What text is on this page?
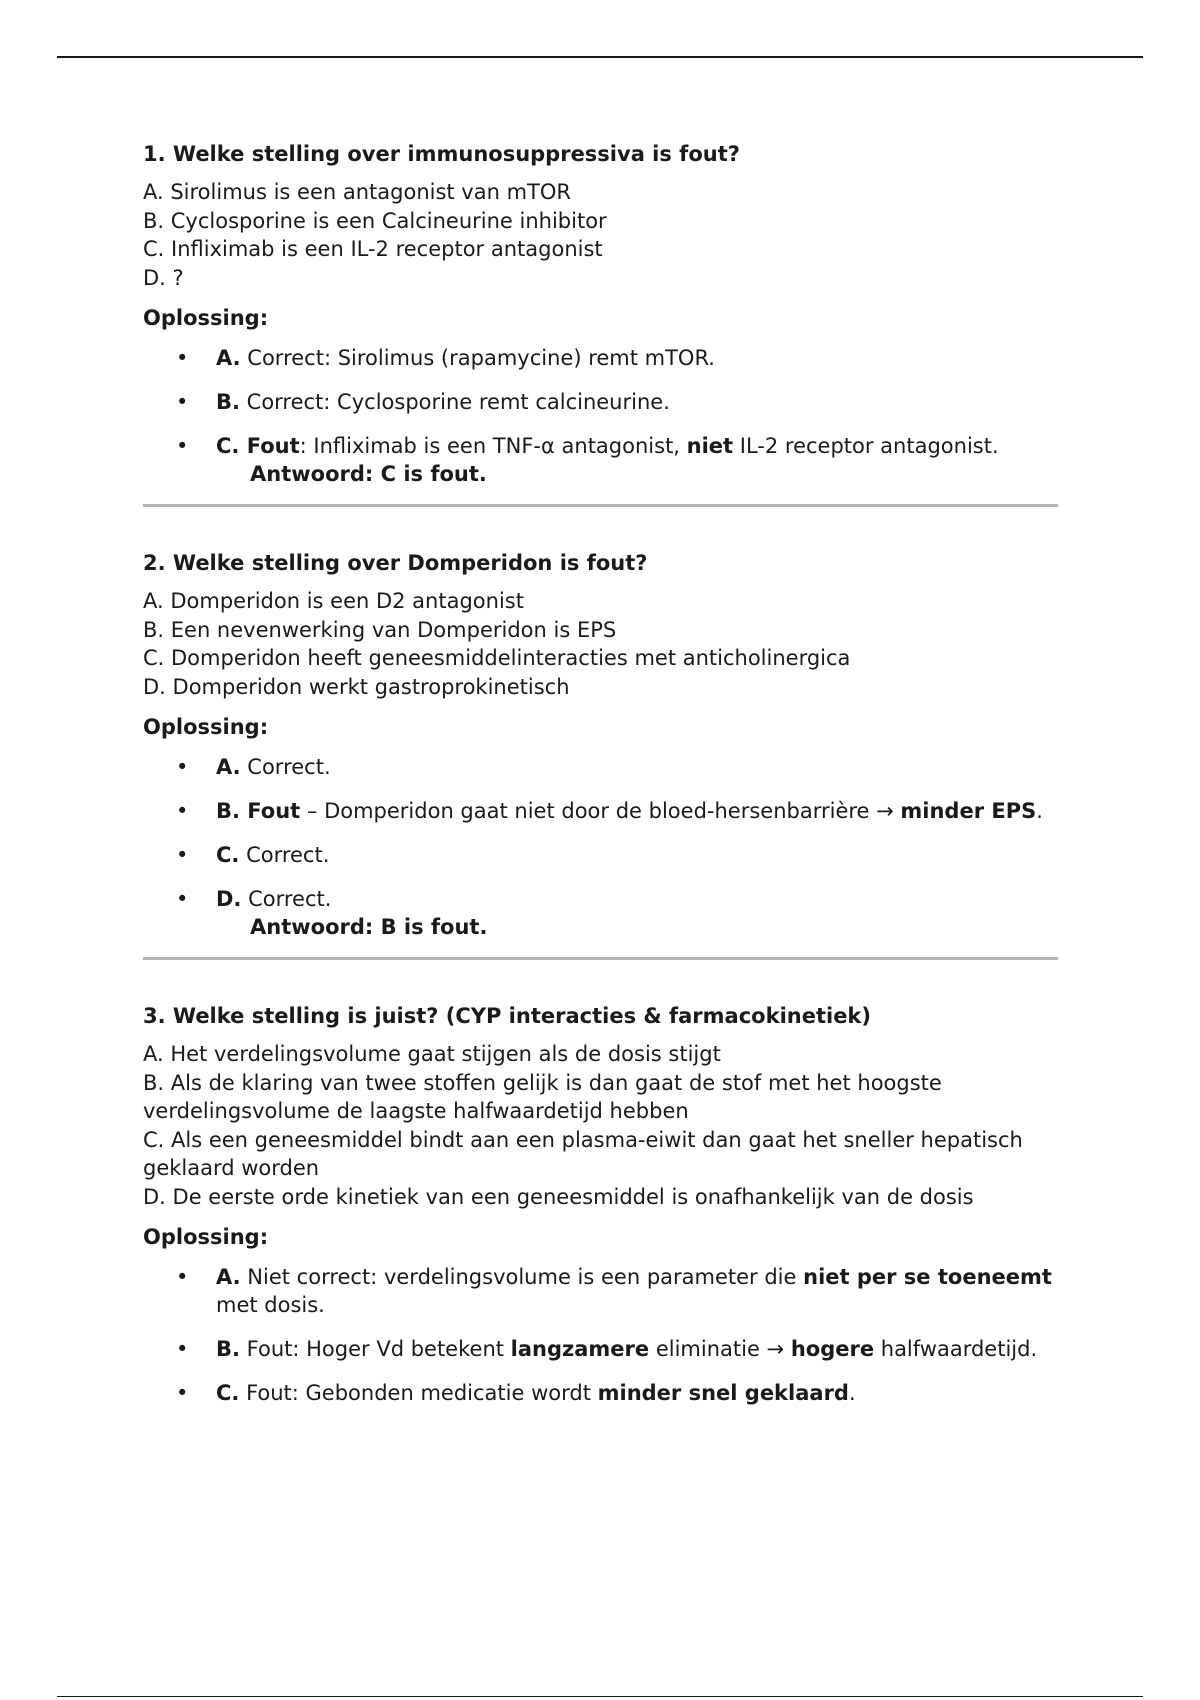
1. Welke stelling over immunosuppressiva is fout?
A. Sirolimus is een antagonist van mTOR
B. Cyclosporine is een Calcineurine inhibitor
C. Infliximab is een IL-2 receptor antagonist
D. ?
Oplossing:
• A. Correct: Sirolimus (rapamycine) remt mTOR.
• B. Correct: Cyclosporine remt calcineurine.
• C. Fout: Infliximab is een TNF-α antagonist, niet IL-2 receptor antagonist.
Antwoord: C is fout.
2. Welke stelling over Domperidon is fout?
A. Domperidon is een D2 antagonist
B. Een nevenwerking van Domperidon is EPS
C. Domperidon heeft geneesmiddelinteracties met anticholinergica
D. Domperidon werkt gastroprokinetisch
Oplossing:
• A. Correct.
• B. Fout – Domperidon gaat niet door de bloed-hersenbarrière → minder EPS.
• C. Correct.
• D. Correct.
Antwoord: B is fout.
3. Welke stelling is juist? (CYP interacties & farmacokinetiek)
A. Het verdelingsvolume gaat stijgen als de dosis stijgt
B. Als de klaring van twee stoffen gelijk is dan gaat de stof met het hoogste verdelingsvolume de laagste halfwaardetijd hebben
C. Als een geneesmiddel bindt aan een plasma-eiwit dan gaat het sneller hepatisch geklaard worden
D. De eerste orde kinetiek van een geneesmiddel is onafhankelijk van de dosis
Oplossing:
• A. Niet correct: verdelingsvolume is een parameter die niet per se toeneemt met dosis.
• B. Fout: Hoger Vd betekent langzamere eliminatie → hogere halfwaardetijd.
• C. Fout: Gebonden medicatie wordt minder snel geklaard.
